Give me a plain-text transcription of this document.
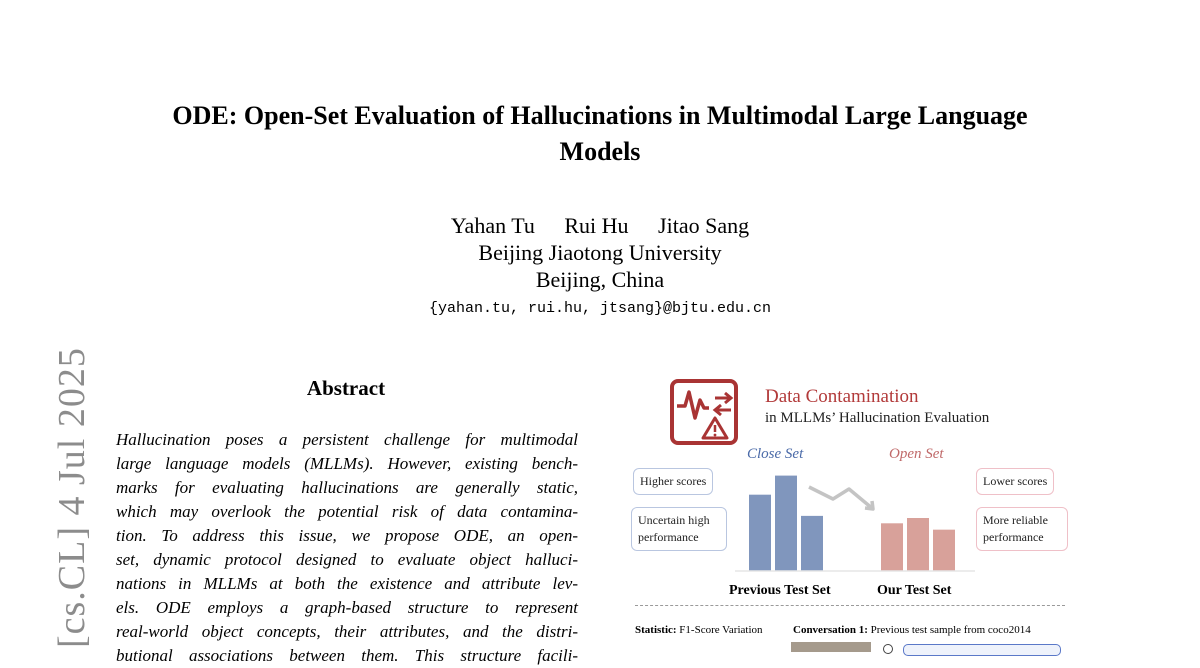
ODE: Open-Set Evaluation of Hallucinations in Multimodal Large Language
Models
Yahan Tu Rui Hu Jitao Sang
Beijing Jiaotong University
Beijing, China
{yahan.tu, rui.hu, jtsang}@bjtu.edu.cn
[cs.CL] 4 Jul 2025	Abstract
Hallucination poses a persistent challenge for multimodal
large language models (MLLMs). However, existing bench-
marks for evaluating hallucinations are generally static,
which may overlook the potential risk of data contamina-
tion. To address this issue, we propose ODE, an open-
set, dynamic protocol designed to evaluate object halluci-
nations in MLLMs at both the existence and attribute lev-
els. ODE employs a graph-based structure to represent
real-world object concepts, their attributes, and the distri-
butional associations between them. This structure facili-
Data Contamination
in MLLMs’ Hallucination Evaluation
Close Set	Open Set
Higher scores
Uncertain high performance
Lower scores
More reliable performance
Previous Test Set	Our Test Set
Statistic: F1-Score Variation	Conversation 1: Previous test sample from coco2014
